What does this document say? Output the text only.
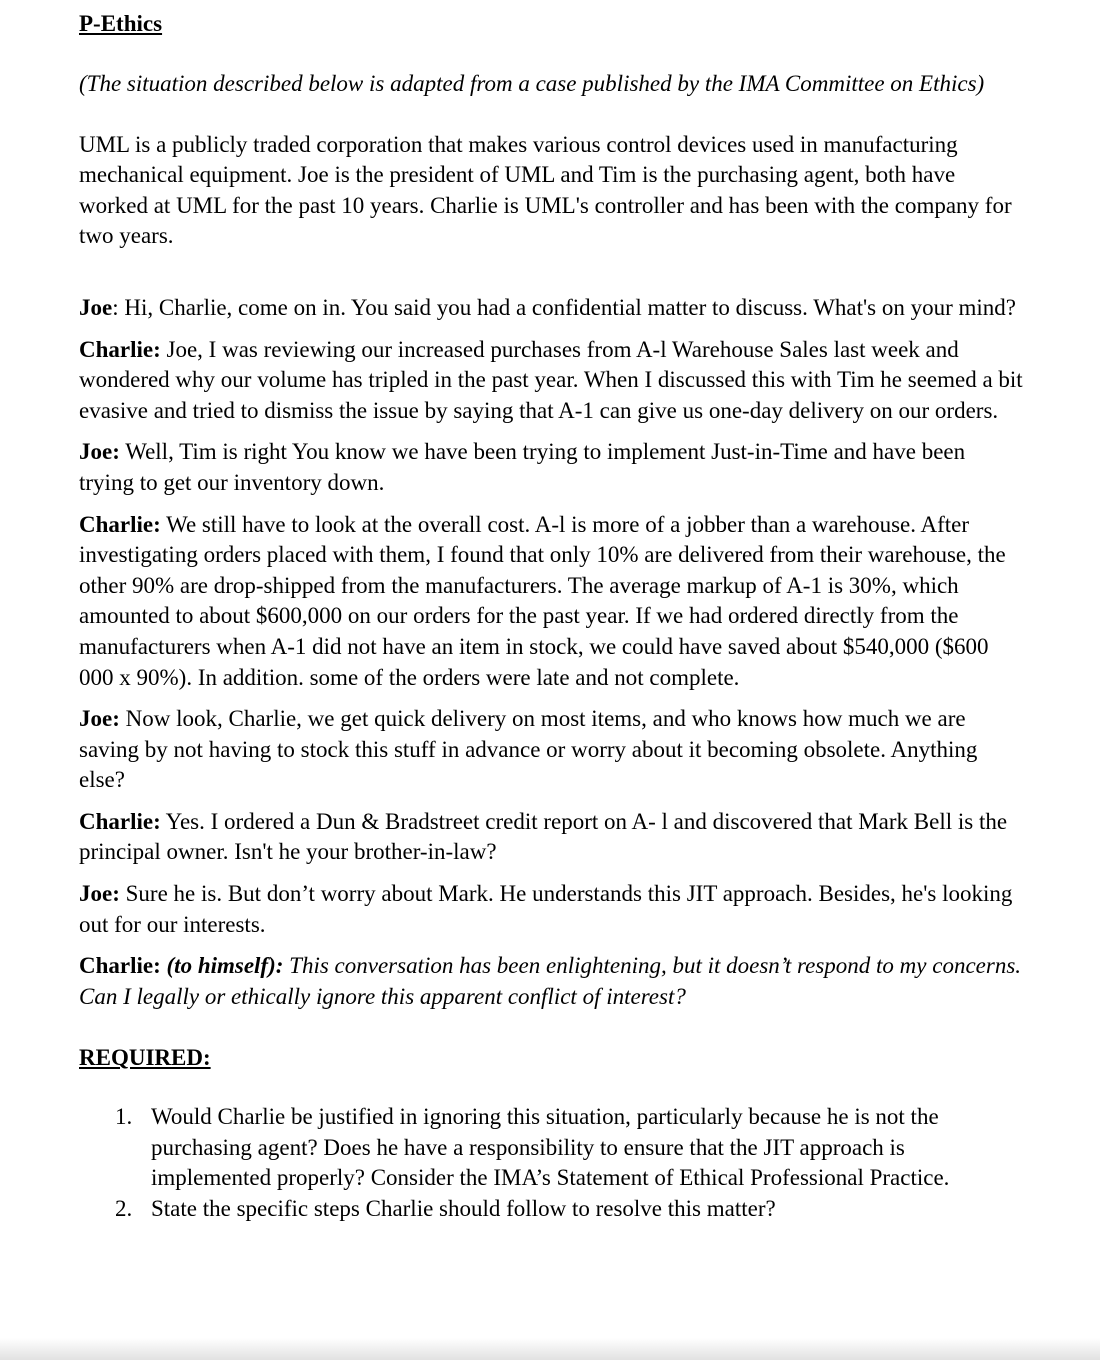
P-Ethics

(The situation described below is adapted from a case published by the IMA Committee on Ethics)

UML is a publicly traded corporation that makes various control devices used in manufacturing mechanical equipment. Joe is the president of UML and Tim is the purchasing agent, both have worked at UML for the past 10 years. Charlie is UML's controller and has been with the company for two years.

Joe: Hi, Charlie, come on in. You said you had a confidential matter to discuss. What's on your mind?

Charlie: Joe, I was reviewing our increased purchases from A-l Warehouse Sales last week and wondered why our volume has tripled in the past year. When I discussed this with Tim he seemed a bit evasive and tried to dismiss the issue by saying that A-1 can give us one-day delivery on our orders.

Joe: Well, Tim is right You know we have been trying to implement Just-in-Time and have been trying to get our inventory down.

Charlie: We still have to look at the overall cost. A-l is more of a jobber than a warehouse. After investigating orders placed with them, I found that only 10% are delivered from their warehouse, the other 90% are drop-shipped from the manufacturers. The average markup of A-1 is 30%, which amounted to about $600,000 on our orders for the past year. If we had ordered directly from the manufacturers when A-1 did not have an item in stock, we could have saved about $540,000 ($600 000 x 90%). In addition. some of the orders were late and not complete.

Joe: Now look, Charlie, we get quick delivery on most items, and who knows how much we are saving by not having to stock this stuff in advance or worry about it becoming obsolete. Anything else?

Charlie: Yes. I ordered a Dun & Bradstreet credit report on A- l and discovered that Mark Bell is the principal owner. Isn't he your brother-in-law?

Joe: Sure he is. But don’t worry about Mark. He understands this JIT approach. Besides, he's looking out for our interests.

Charlie: (to himself): This conversation has been enlightening, but it doesn’t respond to my concerns. Can I legally or ethically ignore this apparent conflict of interest?

REQUIRED:

1. Would Charlie be justified in ignoring this situation, particularly because he is not the purchasing agent? Does he have a responsibility to ensure that the JIT approach is implemented properly? Consider the IMA’s Statement of Ethical Professional Practice.
2. State the specific steps Charlie should follow to resolve this matter?
